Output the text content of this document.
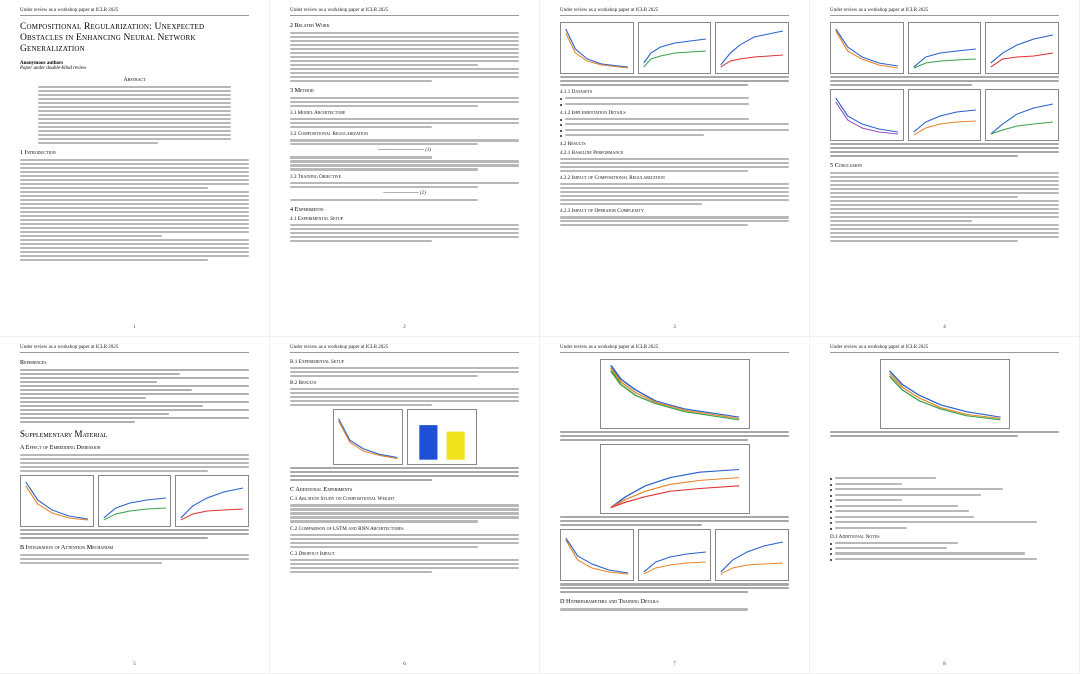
Under review as a workshop paper at ICLR 2025
Compositional Regularization: Unexpected Obstacles in Enhancing Neural Network Generalization
Anonymous authors
Paper under double-blind review
Abstract
1 Introduction
1
Under review as a workshop paper at ICLR 2025
2 Related Work
3 Method
3.1 Model Architecture
3.2 Compositional Regularization
───────────── (1)
3.3 Training Objective
────────── (2)
4 Experiments
4.1 Experimental Setup
2
Under review as a workshop paper at ICLR 2025
4.1.1 Datasets
4.1.2 Implementation Details
4.2 Results
4.2.1 Baseline Performance
4.2.2 Impact of Compositional Regularization
4.2.3 Impact of Operator Complexity
3
Under review as a workshop paper at ICLR 2025
5 Conclusion
4
Under review as a workshop paper at ICLR 2025
References
Supplementary Material
A Effect of Embedding Dimension
B Integration of Attention Mechanism
5
Under review as a workshop paper at ICLR 2025
B.1 Experimental Setup
B.2 Results
C Additional Experiments
C.1 Ablation Study on Compositional Weight
C.2 Comparison of LSTM and RNN Architectures
C.3 Dropout Impact
6
Under review as a workshop paper at ICLR 2025
D Hyperparameters and Training Details
7
Under review as a workshop paper at ICLR 2025
D.1 Additional Notes
8
